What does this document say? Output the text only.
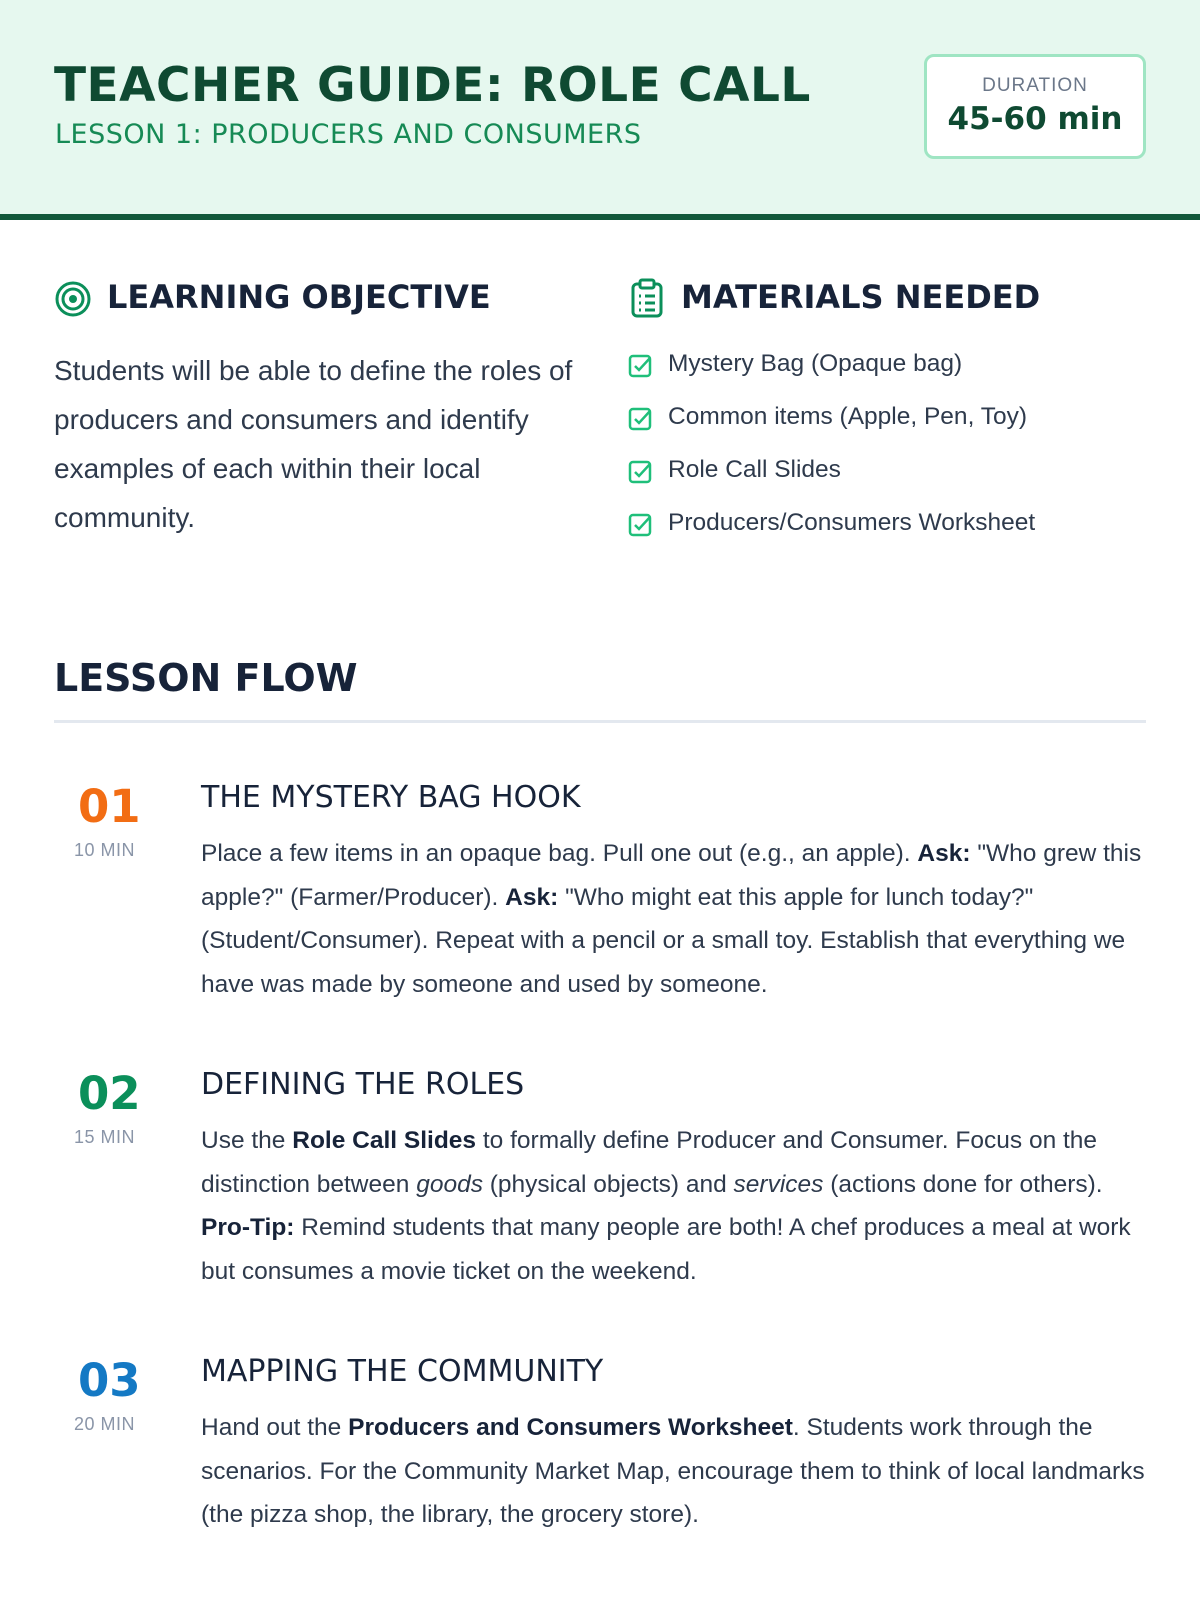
TEACHER GUIDE: ROLE CALL
LESSON 1: PRODUCERS AND CONSUMERS
DURATION
45-60 min
LEARNING OBJECTIVE
Students will be able to define the roles of producers and consumers and identify examples of each within their local community.
MATERIALS NEEDED
Mystery Bag (Opaque bag)
Common items (Apple, Pen, Toy)
Role Call Slides
Producers/Consumers Worksheet
LESSON FLOW
01
10 MIN
THE MYSTERY BAG HOOK
Place a few items in an opaque bag. Pull one out (e.g., an apple). Ask: "Who grew this apple?" (Farmer/Producer). Ask: "Who might eat this apple for lunch today?" (Student/Consumer). Repeat with a pencil or a small toy. Establish that everything we have was made by someone and used by someone.
02
15 MIN
DEFINING THE ROLES
Use the Role Call Slides to formally define Producer and Consumer. Focus on the distinction between goods (physical objects) and services (actions done for others). Pro-Tip: Remind students that many people are both! A chef produces a meal at work but consumes a movie ticket on the weekend.
03
20 MIN
MAPPING THE COMMUNITY
Hand out the Producers and Consumers Worksheet. Students work through the scenarios. For the Community Market Map, encourage them to think of local landmarks (the pizza shop, the library, the grocery store).
